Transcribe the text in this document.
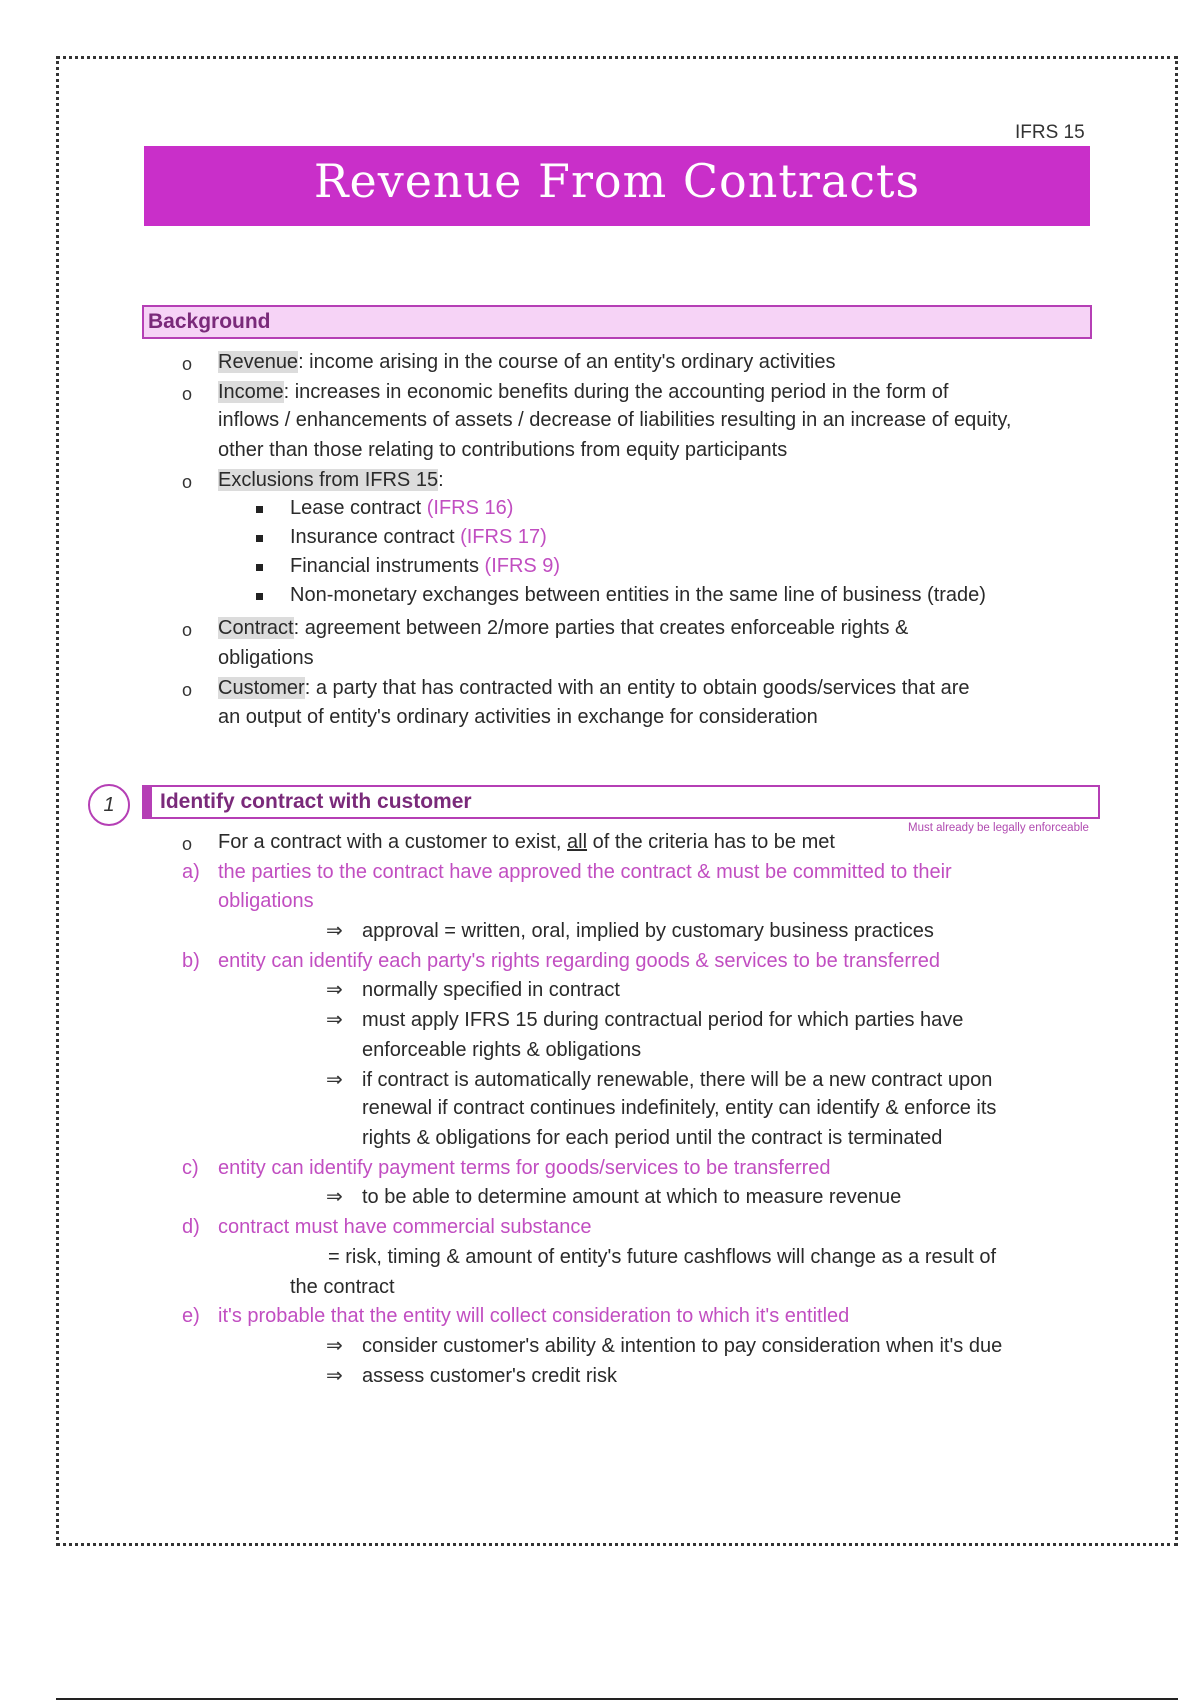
IFRS 15
Revenue From Contracts
Background
o Revenue: income arising in the course of an entity's ordinary activities
o Income: increases in economic benefits during the accounting period in the form of
inflows / enhancements of assets / decrease of liabilities resulting in an increase of equity,
other than those relating to contributions from equity participants
o Exclusions from IFRS 15:
Lease contract (IFRS 16)
Insurance contract (IFRS 17)
Financial instruments (IFRS 9)
Non-monetary exchanges between entities in the same line of business (trade)
o Contract: agreement between 2/more parties that creates enforceable rights &
obligations
o Customer: a party that has contracted with an entity to obtain goods/services that are
an output of entity's ordinary activities in exchange for consideration
1	Identify contract with customer
o For a contract with a customer to exist, all of the criteria has to be met
Must already be legally enforceable
a) the parties to the contract have approved the contract & must be committed to their
obligations
⇒ approval = written, oral, implied by customary business practices
b) entity can identify each party's rights regarding goods & services to be transferred
⇒ normally specified in contract
⇒ must apply IFRS 15 during contractual period for which parties have
enforceable rights & obligations
⇒ if contract is automatically renewable, there will be a new contract upon
renewal if contract continues indefinitely, entity can identify & enforce its
rights & obligations for each period until the contract is terminated
c) entity can identify payment terms for goods/services to be transferred
⇒ to be able to determine amount at which to measure revenue
d) contract must have commercial substance
= risk, timing & amount of entity's future cashflows will change as a result of
the contract
e) it's probable that the entity will collect consideration to which it's entitled
⇒ consider customer's ability & intention to pay consideration when it's due
⇒ assess customer's credit risk
